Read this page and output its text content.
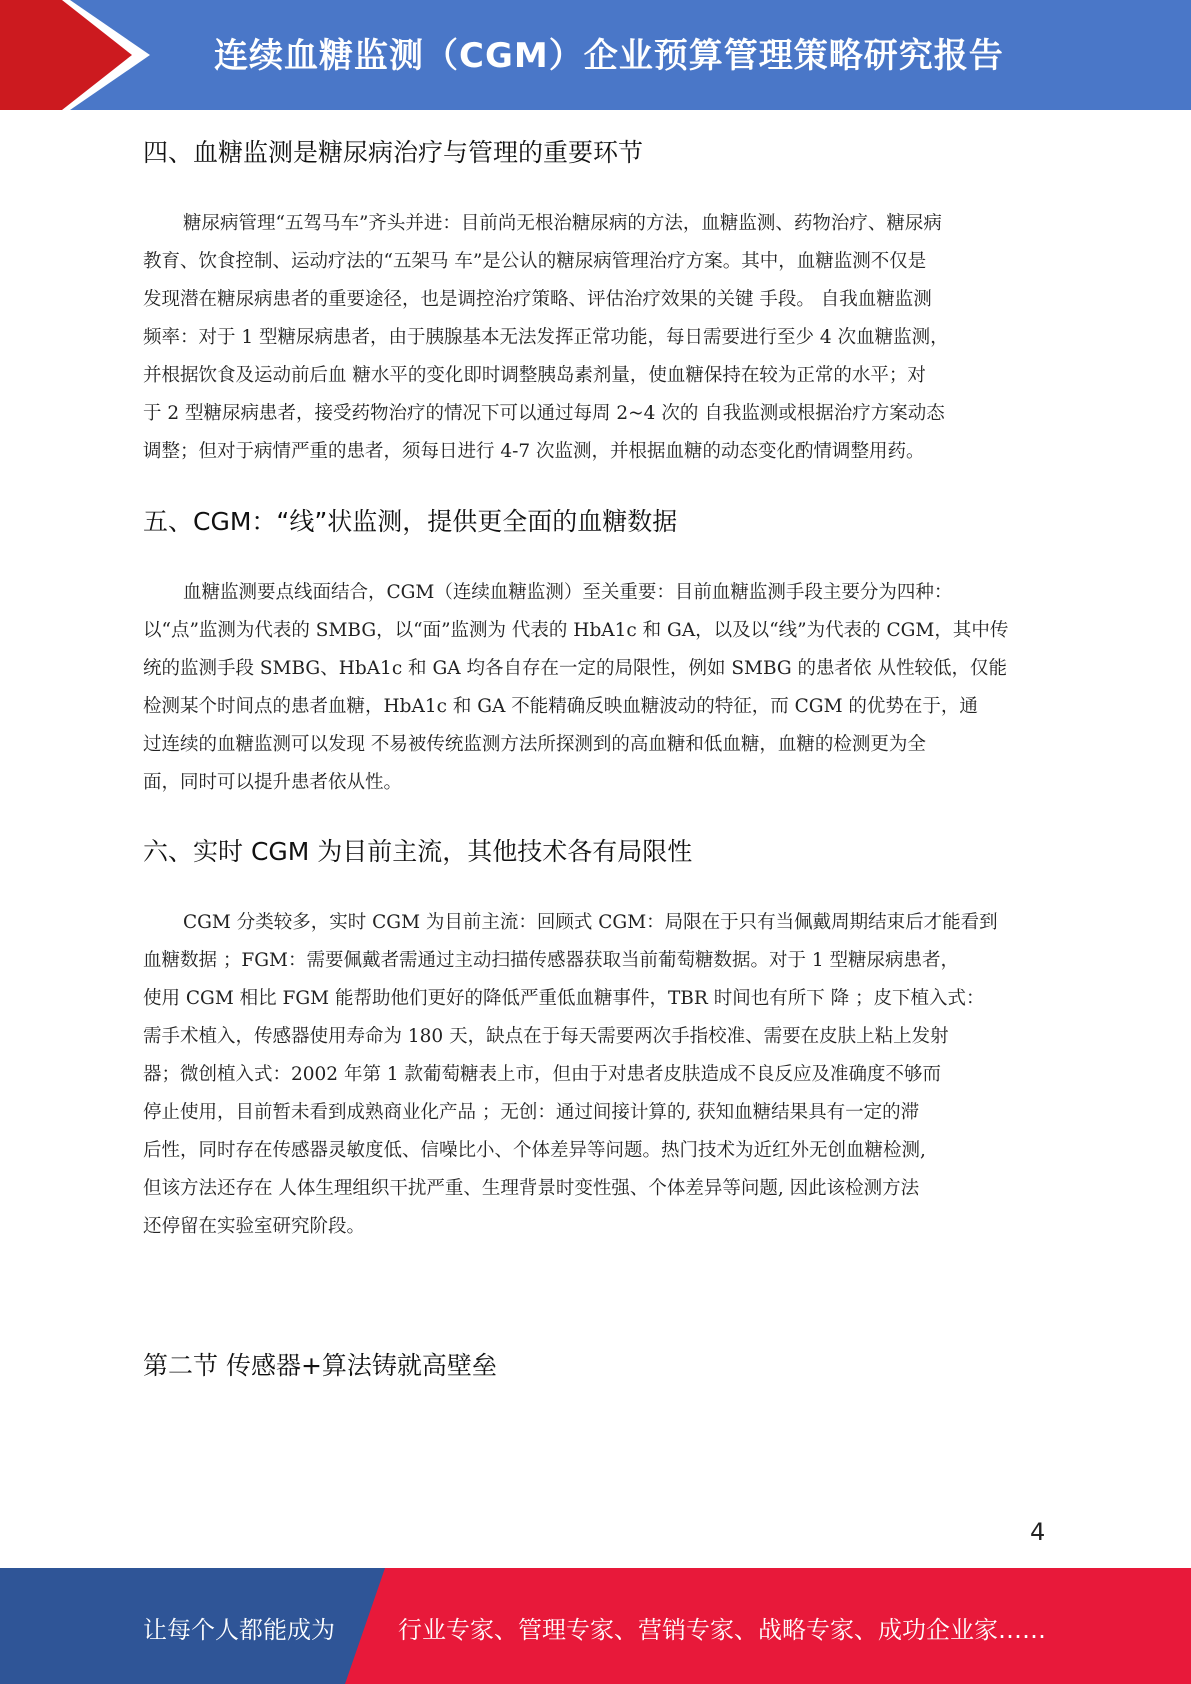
连续血糖监测（CGM）企业预算管理策略研究报告
四、血糖监测是糖尿病治疗与管理的重要环节
糖尿病管理“五驾马车”齐头并进：目前尚无根治糖尿病的方法，血糖监测、药物治疗、糖尿病
教育、饮食控制、运动疗法的“五架马 车”是公认的糖尿病管理治疗方案。其中，血糖监测不仅是
发现潜在糖尿病患者的重要途径，也是调控治疗策略、评估治疗效果的关键 手段。 自我血糖监测
频率：对于 1 型糖尿病患者，由于胰腺基本无法发挥正常功能，每日需要进行至少 4 次血糖监测，
并根据饮食及运动前后血 糖水平的变化即时调整胰岛素剂量，使血糖保持在较为正常的水平；对
于 2 型糖尿病患者，接受药物治疗的情况下可以通过每周 2~4 次的 自我监测或根据治疗方案动态
调整；但对于病情严重的患者，须每日进行 4-7 次监测，并根据血糖的动态变化酌情调整用药。
五、CGM：“线”状监测，提供更全面的血糖数据
血糖监测要点线面结合，CGM（连续血糖监测）至关重要：目前血糖监测手段主要分为四种：
以“点”监测为代表的 SMBG，以“面”监测为 代表的 HbA1c 和 GA，以及以“线”为代表的 CGM，其中传
统的监测手段 SMBG、HbA1c 和 GA 均各自存在一定的局限性，例如 SMBG 的患者依 从性较低，仅能
检测某个时间点的患者血糖，HbA1c 和 GA 不能精确反映血糖波动的特征，而 CGM 的优势在于，通
过连续的血糖监测可以发现 不易被传统监测方法所探测到的高血糖和低血糖，血糖的检测更为全
面，同时可以提升患者依从性。
六、实时 CGM 为目前主流，其他技术各有局限性
CGM 分类较多，实时 CGM 为目前主流：回顾式 CGM：局限在于只有当佩戴周期结束后才能看到
血糖数据 ；FGM：需要佩戴者需通过主动扫描传感器获取当前葡萄糖数据。对于 1 型糖尿病患者，
使用 CGM 相比 FGM 能帮助他们更好的降低严重低血糖事件，TBR 时间也有所下 降 ；皮下植入式：
需手术植入，传感器使用寿命为 180 天，缺点在于每天需要两次手指校准、需要在皮肤上粘上发射
器；微创植入式：2002 年第 1 款葡萄糖表上市，但由于对患者皮肤造成不良反应及准确度不够而
停止使用，目前暂未看到成熟商业化产品 ；无创：通过间接计算的, 获知血糖结果具有一定的滞
后性，同时存在传感器灵敏度低、信噪比小、个体差异等问题。热门技术为近红外无创血糖检测,
但该方法还存在 人体生理组织干扰严重、生理背景时变性强、个体差异等问题, 因此该检测方法
还停留在实验室研究阶段。
第二节 传感器+算法铸就高壁垒
4
让每个人都能成为	行业专家、管理专家、营销专家、战略专家、成功企业家……
